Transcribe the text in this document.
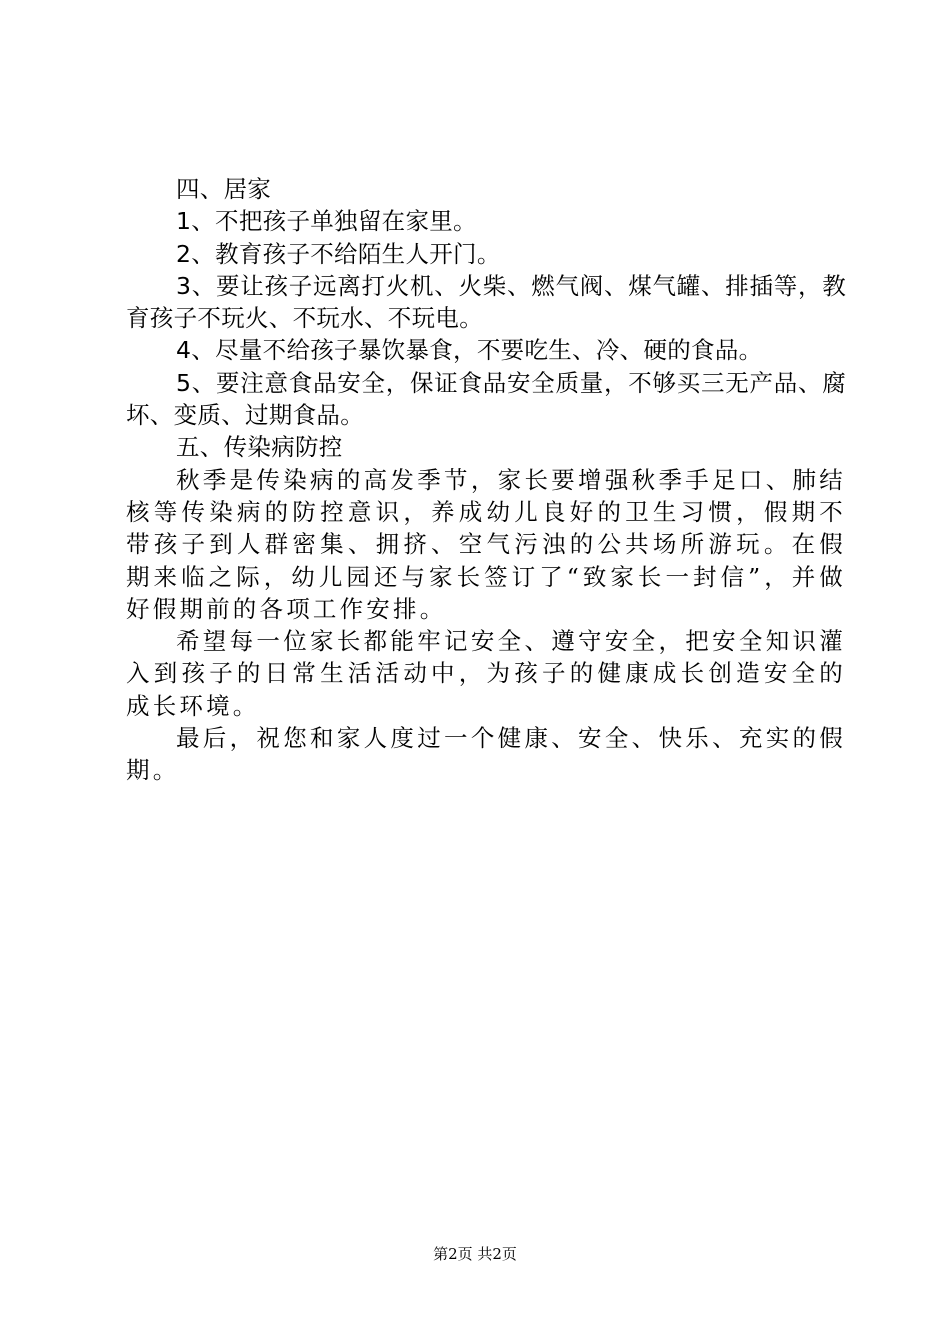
四、居家

1、不把孩子单独留在家里。

2、教育孩子不给陌生人开门。

3、要让孩子远离打火机、火柴、燃气阀、煤气罐、排插等，教育孩子不玩火、不玩水、不玩电。

4、尽量不给孩子暴饮暴食，不要吃生、冷、硬的食品。

5、要注意食品安全，保证食品安全质量，不够买三无产品、腐坏、变质、过期食品。

五、传染病防控

秋季是传染病的高发季节，家长要增强秋季手足口、肺结核等传染病的防控意识，养成幼儿良好的卫生习惯，假期不带孩子到人群密集、拥挤、空气污浊的公共场所游玩。在假期来临之际，幼儿园还与家长签订了“致家长一封信”，并做好假期前的各项工作安排。

希望每一位家长都能牢记安全、遵守安全，把安全知识灌入到孩子的日常生活活动中，为孩子的健康成长创造安全的成长环境。

最后，祝您和家人度过一个健康、安全、快乐、充实的假期。

第2页 共2页
